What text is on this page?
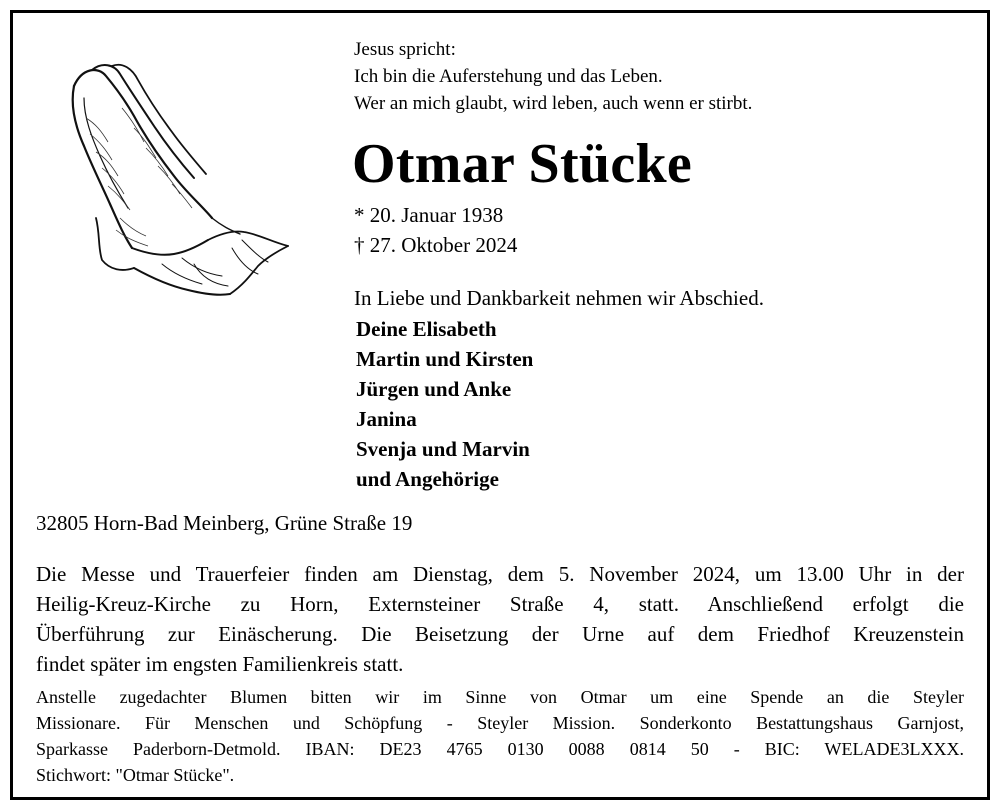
Jesus spricht:
Ich bin die Auferstehung und das Leben.
Wer an mich glaubt, wird leben, auch wenn er stirbt.
Otmar Stücke
* 20. Januar 1938
† 27. Oktober 2024
In Liebe und Dankbarkeit nehmen wir Abschied.
Deine Elisabeth
Martin und Kirsten
Jürgen und Anke
Janina
Svenja und Marvin
und Angehörige
32805 Horn-Bad Meinberg, Grüne Straße 19
Die Messe und Trauerfeier finden am Dienstag, dem 5. November 2024, um 13.00 Uhr in der
Heilig-Kreuz-Kirche zu Horn, Externsteiner Straße 4, statt. Anschließend erfolgt die
Überführung zur Einäscherung. Die Beisetzung der Urne auf dem Friedhof Kreuzenstein
findet später im engsten Familienkreis statt.
Anstelle zugedachter Blumen bitten wir im Sinne von Otmar um eine Spende an die Steyler
Missionare. Für Menschen und Schöpfung - Steyler Mission. Sonderkonto Bestattungshaus Garnjost,
Sparkasse Paderborn-Detmold. IBAN: DE23 4765 0130 0088 0814 50 - BIC: WELADE3LXXX.
Stichwort: "Otmar Stücke".
